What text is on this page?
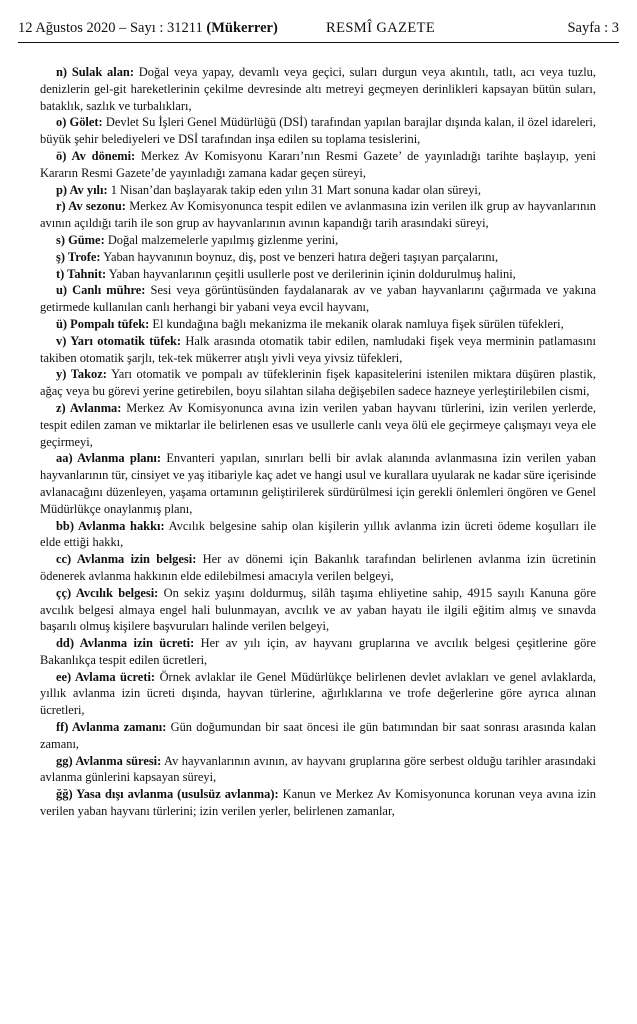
12 Ağustos 2020 – Sayı : 31211 (Mükerrer)	RESMÎ GAZETE	Sayfa : 3

n) Sulak alan: Doğal veya yapay, devamlı veya geçici, suları durgun veya akıntılı, tatlı, acı veya tuzlu, denizlerin gel-git hareketlerinin çekilme devresinde altı metreyi geçmeyen derinlikleri kapsayan bütün suları, bataklık, sazlık ve turbalıkları,

o) Gölet: Devlet Su İşleri Genel Müdürlüğü (DSİ) tarafından yapılan barajlar dışında kalan, il özel idareleri, büyük şehir belediyeleri ve DSİ tarafından inşa edilen su toplama tesislerini,

ö) Av dönemi: Merkez Av Komisyonu Kararı’nın Resmi Gazete’ de yayınladığı tarihte başlayıp, yeni Kararın Resmi Gazete’de yayınladığı zamana kadar geçen süreyi,

p) Av yılı: 1 Nisan’dan başlayarak takip eden yılın 31 Mart sonuna kadar olan süreyi,

r) Av sezonu: Merkez Av Komisyonunca tespit edilen ve avlanmasına izin verilen ilk grup av hayvanlarının avının açıldığı tarih ile son grup av hayvanlarının avının kapandığı tarih arasındaki süreyi,

s) Güme: Doğal malzemelerle yapılmış gizlenme yerini,

ş) Trofe: Yaban hayvanının boynuz, diş, post ve benzeri hatıra değeri taşıyan parçalarını,

t) Tahnit: Yaban hayvanlarının çeşitli usullerle post ve derilerinin içinin doldurulmuş halini,

u) Canlı mühre: Sesi veya görüntüsünden faydalanarak av ve yaban hayvanlarını çağırmada ve yakına getirmede kullanılan canlı herhangi bir yabani veya evcil hayvanı,

ü) Pompalı tüfek: El kundağına bağlı mekanizma ile mekanik olarak namluya fişek sürülen tüfekleri,

v) Yarı otomatik tüfek: Halk arasında otomatik tabir edilen, namludaki fişek veya merminin patlamasını takiben otomatik şarjlı, tek-tek mükerrer atışlı yivli veya yivsiz tüfekleri,

y) Takoz: Yarı otomatik ve pompalı av tüfeklerinin fişek kapasitelerini istenilen miktara düşüren plastik, ağaç veya bu görevi yerine getirebilen, boyu silahtan silaha değişebilen sadece hazneye yerleştirilebilen cismi,

z) Avlanma: Merkez Av Komisyonunca avına izin verilen yaban hayvanı türlerini, izin verilen yerlerde, tespit edilen zaman ve miktarlar ile belirlenen esas ve usullerle canlı veya ölü ele geçirmeye çalışmayı veya ele geçirmeyi,

aa) Avlanma planı: Envanteri yapılan, sınırları belli bir avlak alanında avlanmasına izin verilen yaban hayvanlarının tür, cinsiyet ve yaş itibariyle kaç adet ve hangi usul ve kurallara uyularak ne kadar süre içerisinde avlanacağını düzenleyen, yaşama ortamının geliştirilerek sürdürülmesi için gerekli önlemleri öngören ve Genel Müdürlükçe onaylanmış planı,

bb) Avlanma hakkı: Avcılık belgesine sahip olan kişilerin yıllık avlanma izin ücreti ödeme koşulları ile elde ettiği hakkı,

cc) Avlanma izin belgesi: Her av dönemi için Bakanlık tarafından belirlenen avlanma izin ücretinin ödenerek avlanma hakkının elde edilebilmesi amacıyla verilen belgeyi,

çç) Avcılık belgesi: On sekiz yaşını doldurmuş, silâh taşıma ehliyetine sahip, 4915 sayılı Kanuna göre avcılık belgesi almaya engel hali bulunmayan, avcılık ve av yaban hayatı ile ilgili eğitim almış ve sınavda başarılı olmuş kişilere başvuruları halinde verilen belgeyi,

dd) Avlanma izin ücreti: Her av yılı için, av hayvanı gruplarına ve avcılık belgesi çeşitlerine göre Bakanlıkça tespit edilen ücretleri,

ee) Avlama ücreti: Örnek avlaklar ile Genel Müdürlükçe belirlenen devlet avlakları ve genel avlaklarda, yıllık avlanma izin ücreti dışında, hayvan türlerine, ağırlıklarına ve trofe değerlerine göre ayrıca alınan ücretleri,

ff) Avlanma zamanı: Gün doğumundan bir saat öncesi ile gün batımından bir saat sonrası arasında kalan zamanı,

gg) Avlanma süresi: Av hayvanlarının avının, av hayvanı gruplarına göre serbest olduğu tarihler arasındaki avlanma günlerini kapsayan süreyi,

ğğ) Yasa dışı avlanma (usulsüz avlanma): Kanun ve Merkez Av Komisyonunca korunan veya avına izin verilen yaban hayvanı türlerini; izin verilen yerler, belirlenen zamanlar,
